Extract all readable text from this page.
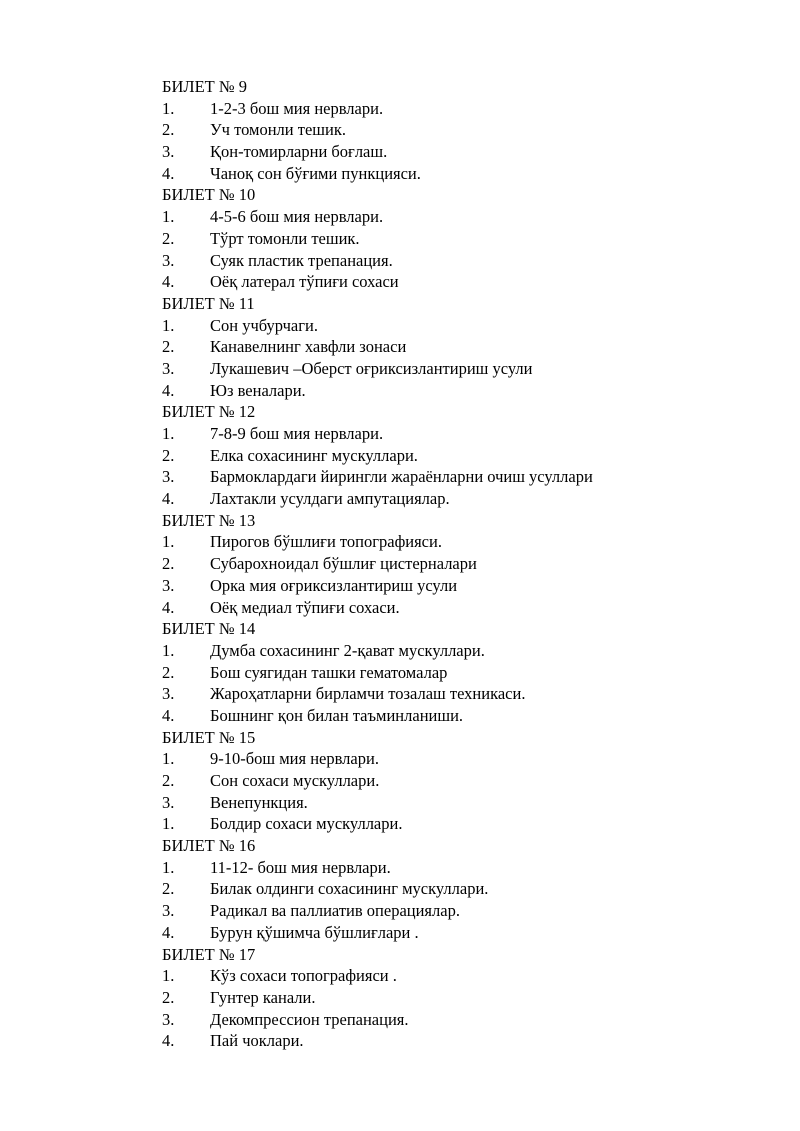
БИЛЕТ № 9
1. 1-2-3 бош мия нервлари.
2. Уч томонли тешик.
3. Қон-томирларни боғлаш.
4. Чаноқ сон бўғими пункцияси.
БИЛЕТ № 10
1. 4-5-6 бош мия нервлари.
2. Тўрт томонли тешик.
3. Суяк пластик трепанация.
4. Оёқ латерал тўпиғи сохаси
БИЛЕТ № 11
1. Сон учбурчаги.
2. Канавелнинг хавфли зонаси
3. Лукашевич –Оберст оғриксизлантириш усули
4. Юз веналари.
БИЛЕТ № 12
1. 7-8-9 бош мия нервлари.
2. Елка сохасининг мускуллари.
3. Бармоклардаги йирингли жараёнларни очиш усуллари
4. Лахтакли усулдаги ампутациялар.
БИЛЕТ № 13
1. Пирогов бўшлиғи топографияси.
2. Субарохноидал бўшлиғ цистерналари
3. Орка мия оғриксизлантириш усули
4. Оёқ медиал тўпиғи сохаси.
БИЛЕТ № 14
1. Думба сохасининг 2-қават мускуллари.
2. Бош суягидан ташки гематомалар
3. Жароҳатларни бирламчи тозалаш техникаси.
4. Бошнинг қон билан таъминланиши.
БИЛЕТ № 15
1. 9-10-бош мия нервлари.
2. Сон сохаси мускуллари.
3. Венепункция.
1. Болдир сохаси мускуллари.
БИЛЕТ № 16
1. 11-12- бош мия нервлари.
2. Билак олдинги сохасининг мускуллари.
3. Радикал ва паллиатив операциялар.
4. Бурун қўшимча бўшлиғлари .
БИЛЕТ № 17
1. Кўз сохаси топографияси .
2. Гунтер канали.
3. Декомпрессион трепанация.
4. Пай чоклари.
